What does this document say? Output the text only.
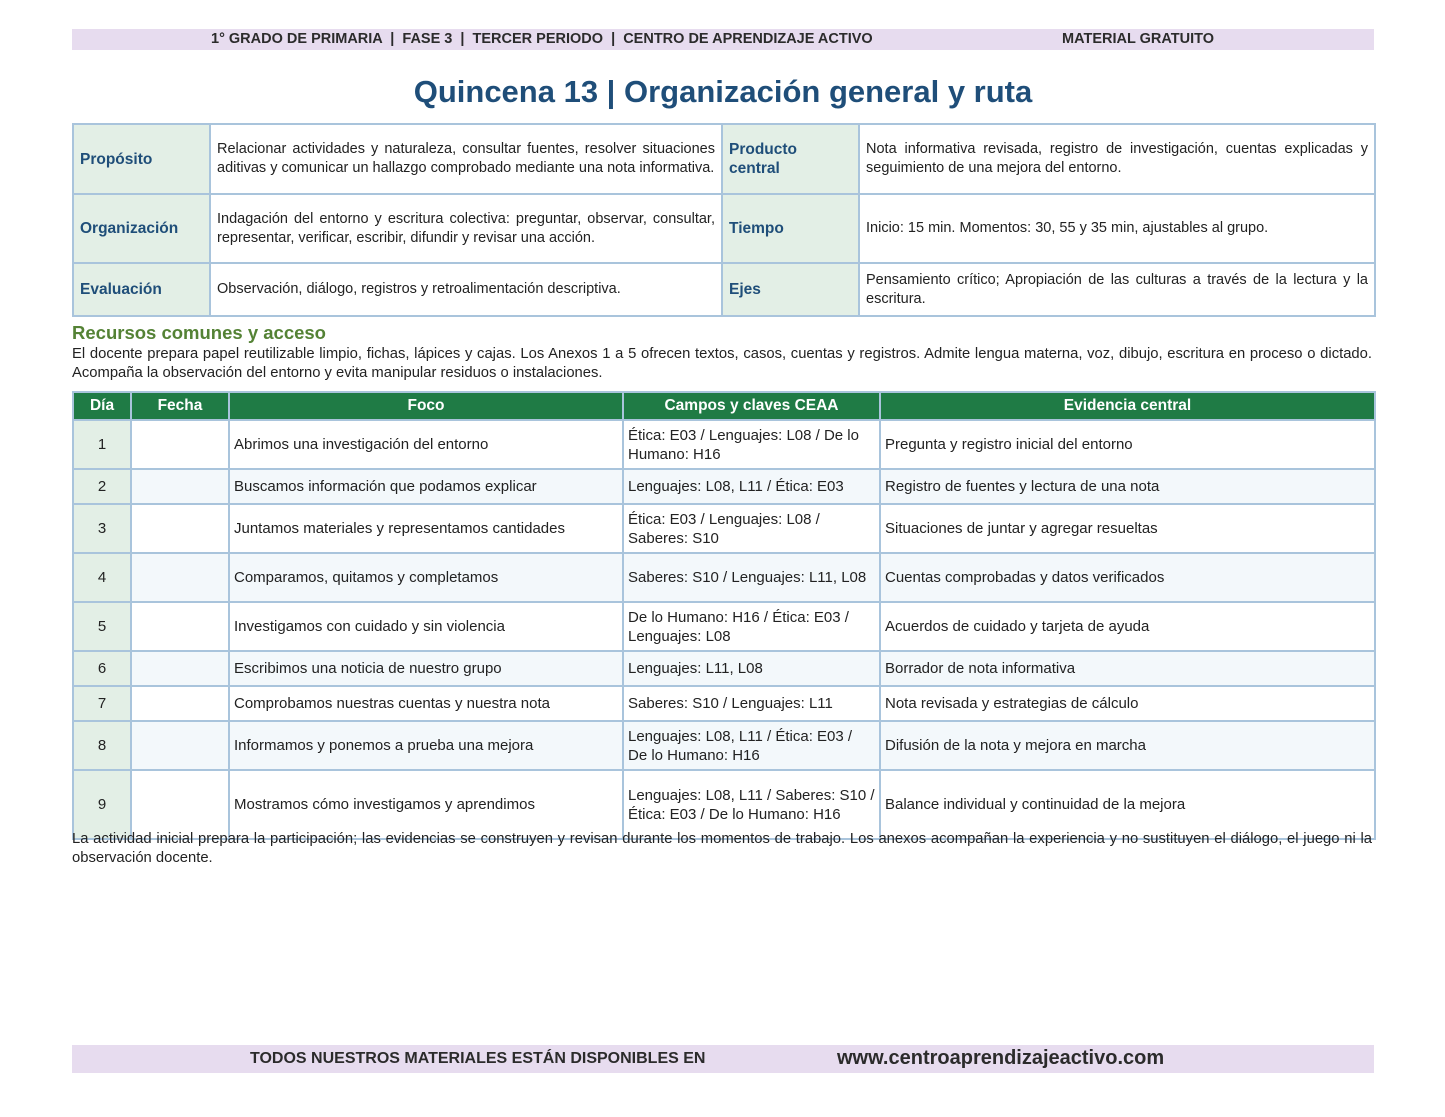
1° GRADO DE PRIMARIA  |  FASE 3  |  TERCER PERIODO  |  CENTRO DE APRENDIZAJE ACTIVO	MATERIAL GRATUITO
Quincena 13 | Organización general y ruta
Propósito	Relacionar actividades y naturaleza, consultar fuentes, resolver situaciones aditivas y comunicar un hallazgo comprobado mediante una nota informativa.	Producto central	Nota informativa revisada, registro de investigación, cuentas explicadas y seguimiento de una mejora del entorno.
Organización	Indagación del entorno y escritura colectiva: preguntar, observar, consultar, representar, verificar, escribir, difundir y revisar una acción.	Tiempo	Inicio: 15 min. Momentos: 30, 55 y 35 min, ajustables al grupo.
Evaluación	Observación, diálogo, registros y retroalimentación descriptiva.	Ejes	Pensamiento crítico; Apropiación de las culturas a través de la lectura y la escritura.
Recursos comunes y acceso
El docente prepara papel reutilizable limpio, fichas, lápices y cajas. Los Anexos 1 a 5 ofrecen textos, casos, cuentas y registros. Admite lengua materna, voz, dibujo, escritura en proceso o dictado. Acompaña la observación del entorno y evita manipular residuos o instalaciones.
Día	Fecha	Foco	Campos y claves CEAA	Evidencia central
1		Abrimos una investigación del entorno	Ética: E03 / Lenguajes: L08 / De lo Humano: H16	Pregunta y registro inicial del entorno
2		Buscamos información que podamos explicar	Lenguajes: L08, L11 / Ética: E03	Registro de fuentes y lectura de una nota
3		Juntamos materiales y representamos cantidades	Ética: E03 / Lenguajes: L08 / Saberes: S10	Situaciones de juntar y agregar resueltas
4		Comparamos, quitamos y completamos	Saberes: S10 / Lenguajes: L11, L08	Cuentas comprobadas y datos verificados
5		Investigamos con cuidado y sin violencia	De lo Humano: H16 / Ética: E03 / Lenguajes: L08	Acuerdos de cuidado y tarjeta de ayuda
6		Escribimos una noticia de nuestro grupo	Lenguajes: L11, L08	Borrador de nota informativa
7		Comprobamos nuestras cuentas y nuestra nota	Saberes: S10 / Lenguajes: L11	Nota revisada y estrategias de cálculo
8		Informamos y ponemos a prueba una mejora	Lenguajes: L08, L11 / Ética: E03 / De lo Humano: H16	Difusión de la nota y mejora en marcha
9		Mostramos cómo investigamos y aprendimos	Lenguajes: L08, L11 / Saberes: S10 / Ética: E03 / De lo Humano: H16	Balance individual y continuidad de la mejora
La actividad inicial prepara la participación; las evidencias se construyen y revisan durante los momentos de trabajo. Los anexos acompañan la experiencia y no sustituyen el diálogo, el juego ni la observación docente.
TODOS NUESTROS MATERIALES ESTÁN DISPONIBLES EN	www.centroaprendizajeactivo.com
